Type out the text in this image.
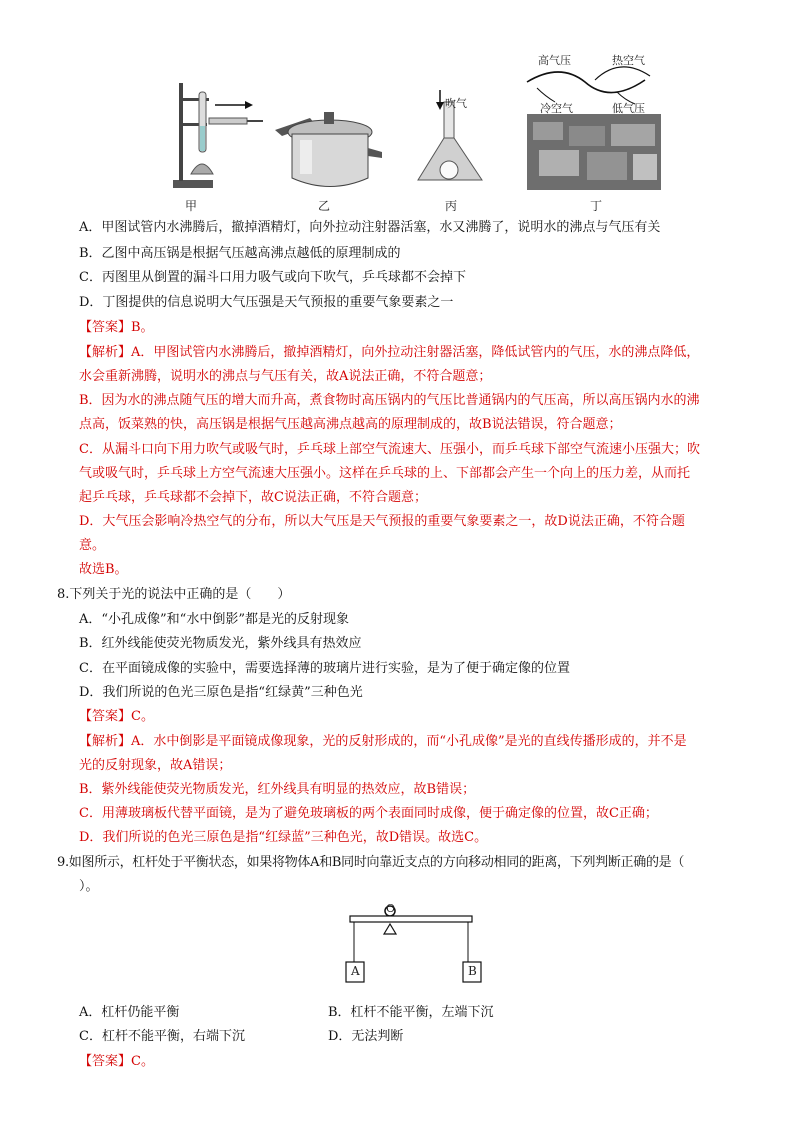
吹气
高气压	热空气
冷空气	低气压
甲	乙	丙	丁
A．甲图试管内水沸腾后，撤掉酒精灯，向外拉动注射器活塞，水又沸腾了，说明水的沸点与气压有关
B．乙图中高压锅是根据气压越高沸点越低的原理制成的
C．丙图里从倒置的漏斗口用力吸气或向下吹气，乒乓球都不会掉下
D．丁图提供的信息说明大气压强是天气预报的重要气象要素之一
【答案】B。
【解析】A．甲图试管内水沸腾后，撤掉酒精灯，向外拉动注射器活塞，降低试管内的气压，水的沸点降低，
水会重新沸腾，说明水的沸点与气压有关，故A说法正确，不符合题意；
B．因为水的沸点随气压的增大而升高，煮食物时高压锅内的气压比普通锅内的气压高，所以高压锅内水的沸
点高，饭菜熟的快，高压锅是根据气压越高沸点越高的原理制成的，故B说法错误，符合题意；
C．从漏斗口向下用力吹气或吸气时，乒乓球上部空气流速大、压强小，而乒乓球下部空气流速小压强大；吹
气或吸气时，乒乓球上方空气流速大压强小。这样在乒乓球的上、下部都会产生一个向上的压力差，从而托
起乒乓球，乒乓球都不会掉下，故C说法正确，不符合题意；
D．大气压会影响冷热空气的分布，所以大气压是天气预报的重要气象要素之一，故D说法正确，不符合题
意。
故选B。
8.下列关于光的说法中正确的是（　　）
A．“小孔成像”和“水中倒影”都是光的反射现象
B．红外线能使荧光物质发光，紫外线具有热效应
C．在平面镜成像的实验中，需要选择薄的玻璃片进行实验，是为了便于确定像的位置
D．我们所说的色光三原色是指“红绿黄”三种色光
【答案】C。
【解析】A．水中倒影是平面镜成像现象，光的反射形成的，而“小孔成像”是光的直线传播形成的，并不是
光的反射现象，故A错误；
B．紫外线能使荧光物质发光，红外线具有明显的热效应，故B错误；
C．用薄玻璃板代替平面镜，是为了避免玻璃板的两个表面同时成像，便于确定像的位置，故C正确；
D．我们所说的色光三原色是指“红绿蓝”三种色光，故D错误。故选C。
9.如图所示，杠杆处于平衡状态，如果将物体A和B同时向靠近支点的方向移动相同的距离，下列判断正确的是（
）。
O
A	B
A．杠杆仍能平衡	B．杠杆不能平衡，左端下沉
C．杠杆不能平衡，右端下沉	D．无法判断
【答案】C。
